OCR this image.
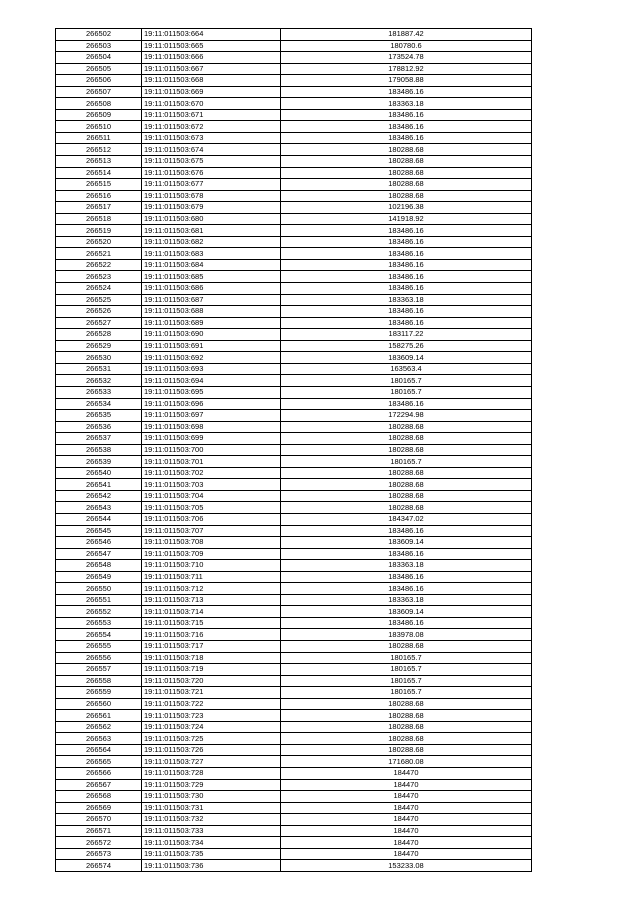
266502	19:11:011503:664	181887.42
266503	19:11:011503:665	180780.6
266504	19:11:011503:666	173524.78
266505	19:11:011503:667	178812.92
266506	19:11:011503:668	179058.88
266507	19:11:011503:669	183486.16
266508	19:11:011503:670	183363.18
266509	19:11:011503:671	183486.16
266510	19:11:011503:672	183486.16
266511	19:11:011503:673	183486.16
266512	19:11:011503:674	180288.68
266513	19:11:011503:675	180288.68
266514	19:11:011503:676	180288.68
266515	19:11:011503:677	180288.68
266516	19:11:011503:678	180288.68
266517	19:11:011503:679	102196.38
266518	19:11:011503:680	141918.92
266519	19:11:011503:681	183486.16
266520	19:11:011503:682	183486.16
266521	19:11:011503:683	183486.16
266522	19:11:011503:684	183486.16
266523	19:11:011503:685	183486.16
266524	19:11:011503:686	183486.16
266525	19:11:011503:687	183363.18
266526	19:11:011503:688	183486.16
266527	19:11:011503:689	183486.16
266528	19:11:011503:690	183117.22
266529	19:11:011503:691	158275.26
266530	19:11:011503:692	183609.14
266531	19:11:011503:693	163563.4
266532	19:11:011503:694	180165.7
266533	19:11:011503:695	180165.7
266534	19:11:011503:696	183486.16
266535	19:11:011503:697	172294.98
266536	19:11:011503:698	180288.68
266537	19:11:011503:699	180288.68
266538	19:11:011503:700	180288.68
266539	19:11:011503:701	180165.7
266540	19:11:011503:702	180288.68
266541	19:11:011503:703	180288.68
266542	19:11:011503:704	180288.68
266543	19:11:011503:705	180288.68
266544	19:11:011503:706	184347.02
266545	19:11:011503:707	183486.16
266546	19:11:011503:708	183609.14
266547	19:11:011503:709	183486.16
266548	19:11:011503:710	183363.18
266549	19:11:011503:711	183486.16
266550	19:11:011503:712	183486.16
266551	19:11:011503:713	183363.18
266552	19:11:011503:714	183609.14
266553	19:11:011503:715	183486.16
266554	19:11:011503:716	183978.08
266555	19:11:011503:717	180288.68
266556	19:11:011503:718	180165.7
266557	19:11:011503:719	180165.7
266558	19:11:011503:720	180165.7
266559	19:11:011503:721	180165.7
266560	19:11:011503:722	180288.68
266561	19:11:011503:723	180288.68
266562	19:11:011503:724	180288.68
266563	19:11:011503:725	180288.68
266564	19:11:011503:726	180288.68
266565	19:11:011503:727	171680.08
266566	19:11:011503:728	184470
266567	19:11:011503:729	184470
266568	19:11:011503:730	184470
266569	19:11:011503:731	184470
266570	19:11:011503:732	184470
266571	19:11:011503:733	184470
266572	19:11:011503:734	184470
266573	19:11:011503:735	184470
266574	19:11:011503:736	153233.08
